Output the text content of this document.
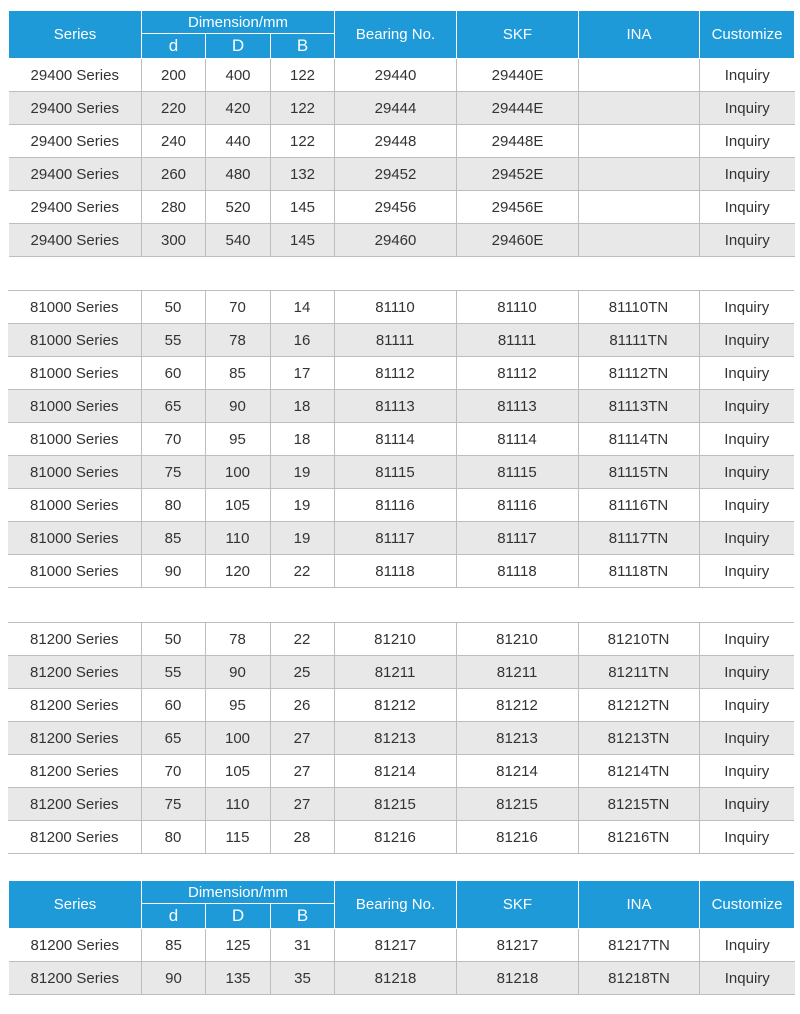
Series	Dimension/mm			Bearing No.	SKF	INA	Customize
	d	D	B				
29400 Series	200	400	122	29440	29440E		Inquiry
29400 Series	220	420	122	29444	29444E		Inquiry
29400 Series	240	440	122	29448	29448E		Inquiry
29400 Series	260	480	132	29452	29452E		Inquiry
29400 Series	280	520	145	29456	29456E		Inquiry
29400 Series	300	540	145	29460	29460E		Inquiry
81000 Series	50	70	14	81110	81110	81110TN	Inquiry
81000 Series	55	78	16	81111	81111	81111TN	Inquiry
81000 Series	60	85	17	81112	81112	81112TN	Inquiry
81000 Series	65	90	18	81113	81113	81113TN	Inquiry
81000 Series	70	95	18	81114	81114	81114TN	Inquiry
81000 Series	75	100	19	81115	81115	81115TN	Inquiry
81000 Series	80	105	19	81116	81116	81116TN	Inquiry
81000 Series	85	110	19	81117	81117	81117TN	Inquiry
81000 Series	90	120	22	81118	81118	81118TN	Inquiry
81200 Series	50	78	22	81210	81210	81210TN	Inquiry
81200 Series	55	90	25	81211	81211	81211TN	Inquiry
81200 Series	60	95	26	81212	81212	81212TN	Inquiry
81200 Series	65	100	27	81213	81213	81213TN	Inquiry
81200 Series	70	105	27	81214	81214	81214TN	Inquiry
81200 Series	75	110	27	81215	81215	81215TN	Inquiry
81200 Series	80	115	28	81216	81216	81216TN	Inquiry
Series	Dimension/mm			Bearing No.	SKF	INA	Customize
	d	D	B				
81200 Series	85	125	31	81217	81217	81217TN	Inquiry
81200 Series	90	135	35	81218	81218	81218TN	Inquiry
